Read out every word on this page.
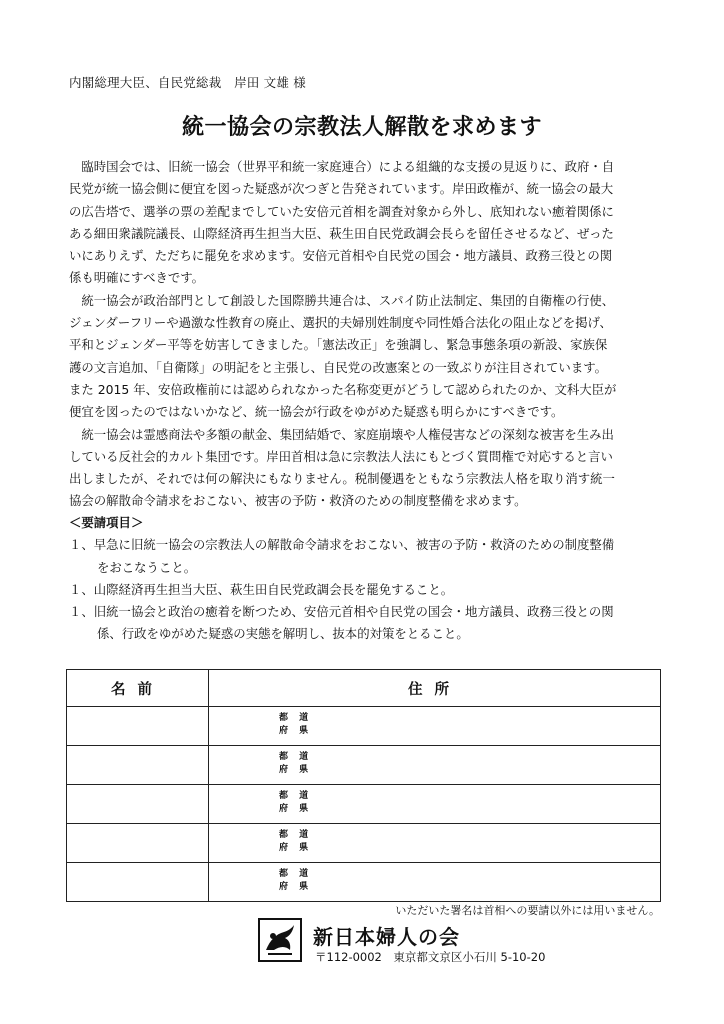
内閣総理大臣、自民党総裁　岸田 文雄 様
統一協会の宗教法人解散を求めます
　臨時国会では、旧統一協会（世界平和統一家庭連合）による組織的な支援の見返りに、政府・自
民党が統一協会側に便宜を図った疑惑が次つぎと告発されています。岸田政権が、統一協会の最大
の広告塔で、選挙の票の差配までしていた安倍元首相を調査対象から外し、底知れない癒着関係に
ある細田衆議院議長、山際経済再生担当大臣、萩生田自民党政調会長らを留任させるなど、ぜった
いにありえず、ただちに罷免を求めます。安倍元首相や自民党の国会・地方議員、政務三役との関
係も明確にすべきです。
　統一協会が政治部門として創設した国際勝共連合は、スパイ防止法制定、集団的自衛権の行使、
ジェンダーフリーや過激な性教育の廃止、選択的夫婦別姓制度や同性婚合法化の阻止などを掲げ、
平和とジェンダー平等を妨害してきました。「憲法改正」を強調し、緊急事態条項の新設、家族保
護の文言追加、「自衛隊」の明記をと主張し、自民党の改憲案との一致ぶりが注目されています。
また 2015 年、安倍政権前には認められなかった名称変更がどうして認められたのか、文科大臣が
便宜を図ったのではないかなど、統一協会が行政をゆがめた疑惑も明らかにすべきです。
　統一協会は霊感商法や多額の献金、集団結婚で、家庭崩壊や人権侵害などの深刻な被害を生み出
している反社会的カルト集団です。岸田首相は急に宗教法人法にもとづく質問権で対応すると言い
出しましたが、それでは何の解決にもなりません。税制優遇をともなう宗教法人格を取り消す統一
協会の解散命令請求をおこない、被害の予防・救済のための制度整備を求めます。
＜要請項目＞
１、早急に旧統一協会の宗教法人の解散命令請求をおこない、被害の予防・救済のための制度整備
をおこなうこと。
１、山際経済再生担当大臣、萩生田自民党政調会長を罷免すること。
１、旧統一協会と政治の癒着を断つため、安倍元首相や自民党の国会・地方議員、政務三役との関
係、行政をゆがめた疑惑の実態を解明し、抜本的対策をとること。
名前	住所

	都 道
府 県

	都 道
府 県

	都 道
府 県

	都 道
府 県

	都 道
府 県
いただいた署名は首相への要請以外には用いません。
新日本婦人の会
〒112-0002　東京都文京区小石川 5-10-20
